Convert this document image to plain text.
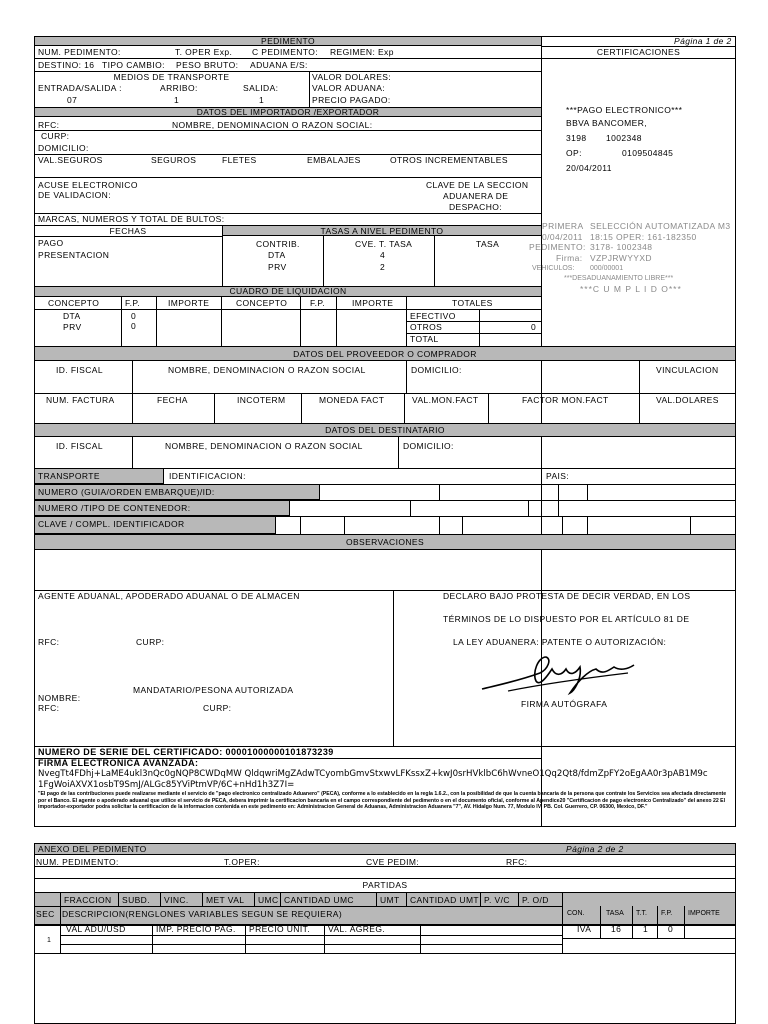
PEDIMENTO	Página 1 de 2
CERTIFICACIONES
NUM. PEDIMENTO:	T. OPER Exp. C PEDIMENTO: REGIMEN: Exp
DESTINO: 16 TIPO CAMBIO: PESO BRUTO: ADUANA E/S:
MEDIOS DE TRANSPORTE
ENTRADA/SALIDA :	ARRIBO:	SALIDA:
07	1	1
VALOR DOLARES:
VALOR ADUANA:
PRECIO PAGADO:
DATOS DEL IMPORTADOR /EXPORTADOR
RFC:	NOMBRE, DENOMINACION O RAZON SOCIAL:
CURP:
DOMICILIO:
VAL.SEGUROS	SEGUROS	FLETES	EMBALAJES	OTROS INCREMENTABLES
ACUSE ELECTRONICO
DE VALIDACION:
CLAVE DE LA SECCION
ADUANERA DE
DESPACHO:
MARCAS, NUMEROS Y TOTAL DE BULTOS:
FECHAS
PAGO
PRESENTACION
TASAS A NIVEL PEDIMENTO
CONTRIB.	CVE. T. TASA	TASA
DTA	4
PRV	2
CUADRO DE LIQUIDACION
CONCEPTO	F.P.	IMPORTE	CONCEPTO	F.P.	IMPORTE	TOTALES
DTA	0
PRV	0
EFECTIVO
OTROS	0
TOTAL
***PAGO ELECTRONICO***
BBVA BANCOMER,
3198 1002348
OP:	0109504845
20/04/2011
PRIMERA SELECCIÓN AUTOMATIZADA M3
0/04/2011 18:15 OPER: 161-182350
PEDIMENTO: 3178- 1002348
Firma: VZPJRWYYXD
VEHICULOS: 000/00001
***DESADUANAMIENTO LIBRE***
***C U M P L I D O***
DATOS DEL PROVEEDOR O COMPRADOR
ID. FISCAL	NOMBRE, DENOMINACION O RAZON SOCIAL	DOMICILIO:	VINCULACION
NUM. FACTURA	FECHA	INCOTERM	MONEDA FACT	VAL.MON.FACT	FACTOR MON.FACT	VAL.DOLARES
DATOS DEL DESTINATARIO
ID. FISCAL	NOMBRE, DENOMINACION O RAZON SOCIAL	DOMICILIO:
TRANSPORTE	IDENTIFICACION:	PAIS:
NUMERO (GUIA/ORDEN EMBARQUE)/ID:
NUMERO /TIPO DE CONTENEDOR:
CLAVE / COMPL. IDENTIFICADOR
OBSERVACIONES
AGENTE ADUANAL, APODERADO ADUANAL O DE ALMACEN
RFC:	CURP:
MANDATARIO/PESONA AUTORIZADA
NOMBRE:
RFC:	CURP:
DECLARO BAJO PROTESTA DE DECIR VERDAD, EN LOS
TÉRMINOS DE LO DISPUESTO POR EL ARTÍCULO 81 DE
LA LEY ADUANERA: PATENTE O AUTORIZACIÓN:
FIRMA AUTÓGRAFA
NUMERO DE SERIE DEL CERTIFICADO: 00001000000101873239
FIRMA ELECTRONICA AVANZADA:
NvegTt4FDhj+LaME4ukl3nQc0gNQP8CWDqMW QldqwriMgZAdwTCyombGmvStxwvLFKssxZ+kwJ0srHVklbC6hWvneO1Qq2Qt8/fdmZpFY2oEgAA0r3pAB1M9c
1FgWoiAXVX1osbT9SmJ/ALGc85YViPtmVP/6C+nHd1h3Z7I=
"El pago de las contribuciones puede realizarse mediante el servicio de "pago electronico centralizado Aduanero" (PECA), conforme a lo establecido en la regla 1.6.2., con la posibilidad de que la cuenta bancaria de la persona que contrate los Servicios sea afectada directamente por el Banco. El agente o apoderado aduanal que utilice el servicio de PECA, debera imprimir la certificacion bancaria en el campo correspondiente del pedimento o en el documento oficial, conforme al Apendice20 "Certificacion de pago electronico Centralizado" del anexo 22 El importador-exportador podra solicitar la certificacion de la informacion contenida en este pedimento en: Administracion General de Aduanas, Administracion Aduanera "7", AV. Hidalgo Num. 77, Modulo IV, PB. Col. Guerrero, CP. 06300, Mexico, DF."
ANEXO DEL PEDIMENTO	Página 2 de 2
NUM. PEDIMENTO:	T.OPER:	CVE PEDIM:	RFC:
PARTIDAS
FRACCION SUBD. VINC. MET VAL UMC CANTIDAD UMC	UMT CANTIDAD UMT P. V/C P. O/D
SEC DESCRIPCION(RENGLONES VARIABLES SEGUN SE REQUIERA)	CON.	TASA T.T. F.P. IMPORTE
VAL ADU/USD	IMP. PRECIO PAG. PRECIO UNIT. VAL. AGREG.
1
IVA 16	1 0
